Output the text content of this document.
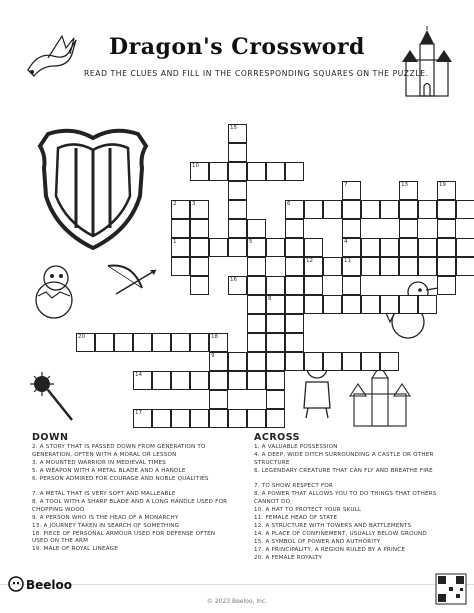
Dragon's Crossword
READ THE CLUES AND FILL IN THE CORRESPONDING SQUARES ON THE PUZZLE.
15
10
2	3	6
7	13	19
1	5	4
12	11
16
8
20	18
9
14
17
DOWN	ACROSS
2. A STORY THAT IS PASSED DOWN FROM GENERATION TO GENERATION, OFTEN WITH A MORAL OR LESSON
3. A MOUNTED WARRIOR IN MEDIEVAL TIMES
5. A WEAPON WITH A METAL BLADE AND A HANDLE
6. PERSON ADMIRED FOR COURAGE AND NOBLE QUALITIES
7. A METAL THAT IS VERY SOFT AND MALLEABLE
8. A TOOL WITH A SHARP BLADE AND A LONG HANDLE USED FOR CHOPPING WOOD
9. A PERSON WHO IS THE HEAD OF A MONARCHY
13. A JOURNEY TAKEN IN SEARCH OF SOMETHING
18. PIECE OF PERSONAL ARMOUR USED FOR DEFENSE OFTEN USED ON THE ARM
19. MALE OF ROYAL LINEAGE
1. A VALUABLE POSSESSION
4. A DEEP, WIDE DITCH SURROUNDING A CASTLE OR OTHER STRUCTURE
6. LEGENDARY CREATURE THAT CAN FLY AND BREATHE FIRE
7. TO SHOW RESPECT FOR
8. A POWER THAT ALLOWS YOU TO DO THINGS THAT OTHERS CANNOT DO
10. A HAT TO PROTECT YOUR SKULL
11. FEMALE HEAD OF STATE
12. A STRUCTURE WITH TOWERS AND BATTLEMENTS
14. A PLACE OF CONFINEMENT, USUALLY BELOW GROUND
15. A SYMBOL OF POWER AND AUTHORITY
17. A PRINCIPALITY, A REGION RULED BY A PRINCE
20. A FEMALE ROYALTY
Beeloo
© 2023 Beeloo, Inc.
